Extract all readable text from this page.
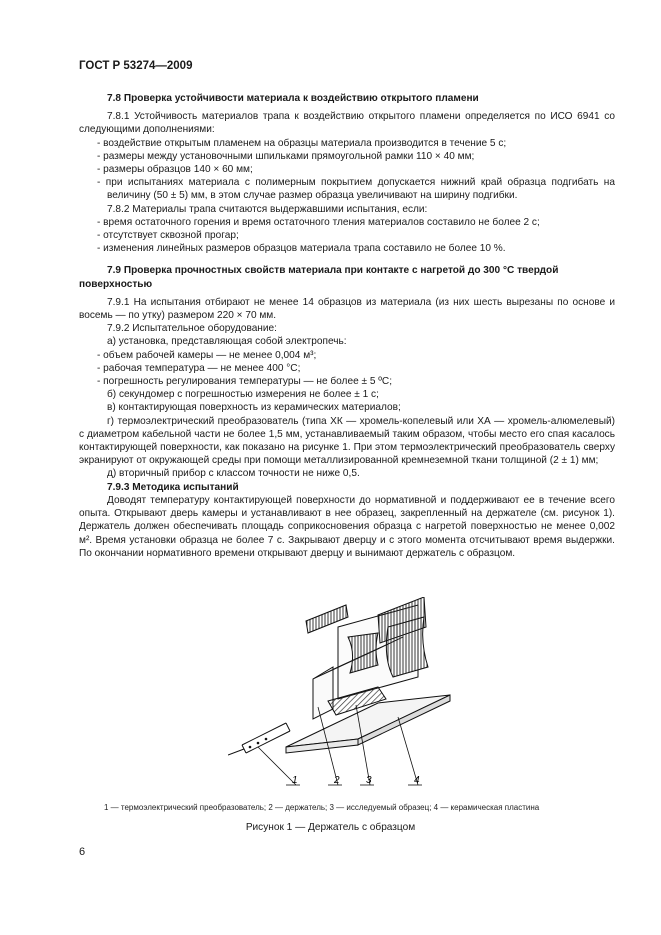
ГОСТ Р 53274—2009

7.8 Проверка устойчивости материала к воздействию открытого пламени

7.8.1 Устойчивость материалов трапа к воздействию открытого пламени определяется по ИСО 6941 со следующими дополнениями:

- воздействие открытым пламенем на образцы материала производится в течение 5 с;

- размеры между установочными шпильками прямоугольной рамки 110 × 40 мм;

- размеры образцов 140 × 60 мм;

- при испытаниях материала с полимерным покрытием допускается нижний край образца подгибать на величину (50 ± 5) мм, в этом случае размер образца увеличивают на ширину подгибки.

7.8.2 Материалы трапа считаются выдержавшими испытания, если:

- время остаточного горения и время остаточного тления материалов составило не более 2 с;

- отсутствует сквозной прогар;

- изменения линейных размеров образцов материала трапа составило не более 10 %.

7.9 Проверка прочностных свойств материала при контакте с нагретой до 300 °С твердой поверхностью

7.9.1 На испытания отбирают не менее 14 образцов из материала (из них шесть вырезаны по основе и восемь — по утку) размером 220 × 70 мм.

7.9.2 Испытательное оборудование:

а) установка, представляющая собой электропечь:

- объем рабочей камеры — не менее 0,004 м³;

- рабочая температура — не менее 400 °С;

- погрешность регулирования температуры — не более ± 5 ºС;

б) секундомер с погрешностью измерения не более ± 1 с;

в) контактирующая поверхность из керамических материалов;

г) термоэлектрический преобразователь (типа ХК — хромель-копелевый или ХА — хромель-алюмелевый) с диаметром кабельной части не более 1,5 мм, устанавливаемый таким образом, чтобы место его спая касалось контактирующей поверхности, как показано на рисунке 1. При этом термоэлектрический преобразователь сверху экранируют от окружающей среды при помощи металлизированной кремнеземной ткани толщиной (2 ± 1) мм;

д) вторичный прибор с классом точности не ниже 0,5.

7.9.3 Методика испытаний

Доводят температуру контактирующей поверхности до нормативной и поддерживают ее в течение всего опыта. Открывают дверь камеры и устанавливают в нее образец, закрепленный на держателе (см. рисунок 1). Держатель должен обеспечивать площадь соприкосновения образца с нагретой поверхностью не менее 0,002 м². Время установки образца не более 7 с. Закрывают дверцу и с этого момента отсчитывают время выдержки. По окончании нормативного времени открывают дверцу и вынимают держатель с образцом.

1	2	3	4
1 — термоэлектрический преобразователь; 2 — держатель; 3 — исследуемый образец; 4 — керамическая пластина
Рисунок 1 — Держатель с образцом
6
